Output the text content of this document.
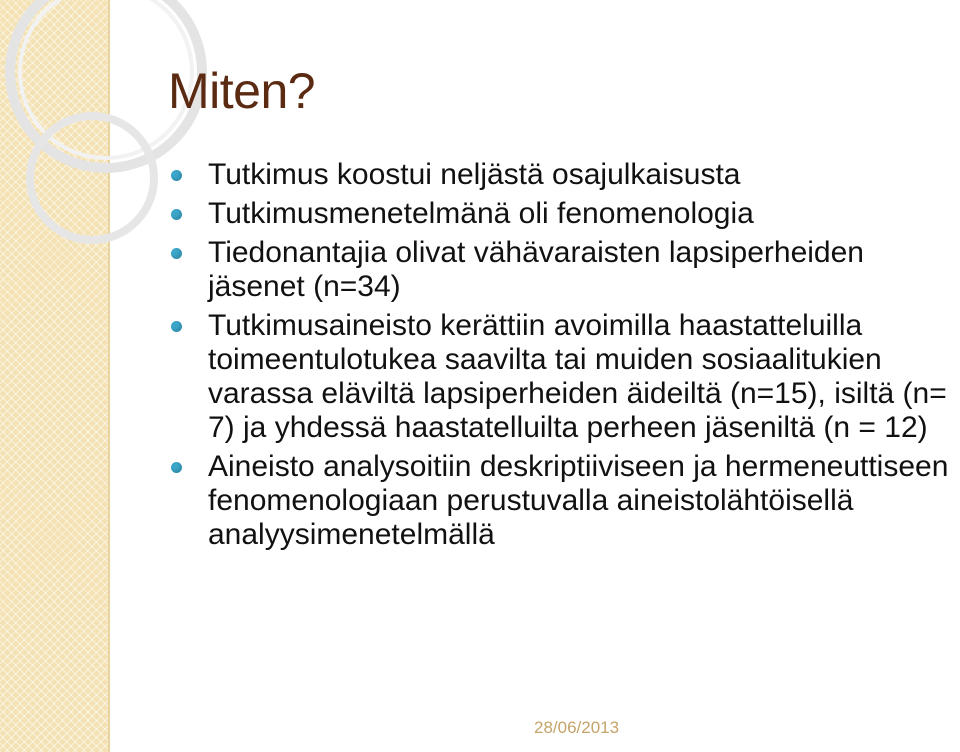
Miten?
Tutkimus koostui neljästä osajulkaisusta
Tutkimusmenetelmänä oli fenomenologia
Tiedonantajia olivat vähävaraisten lapsiperheiden jäsenet (n=34)
Tutkimusaineisto kerättiin avoimilla haastatteluilla toimeentulotukea saavilta tai muiden sosiaalitukien varassa eläviltä lapsiperheiden äideiltä (n=15), isiltä (n= 7) ja yhdessä haastatelluilta perheen jäseniltä (n = 12)
Aineisto analysoitiin deskriptiiviseen ja hermeneuttiseen fenomenologiaan perustuvalla aineistolähtöisellä analyysimenetelmällä
28/06/2013
